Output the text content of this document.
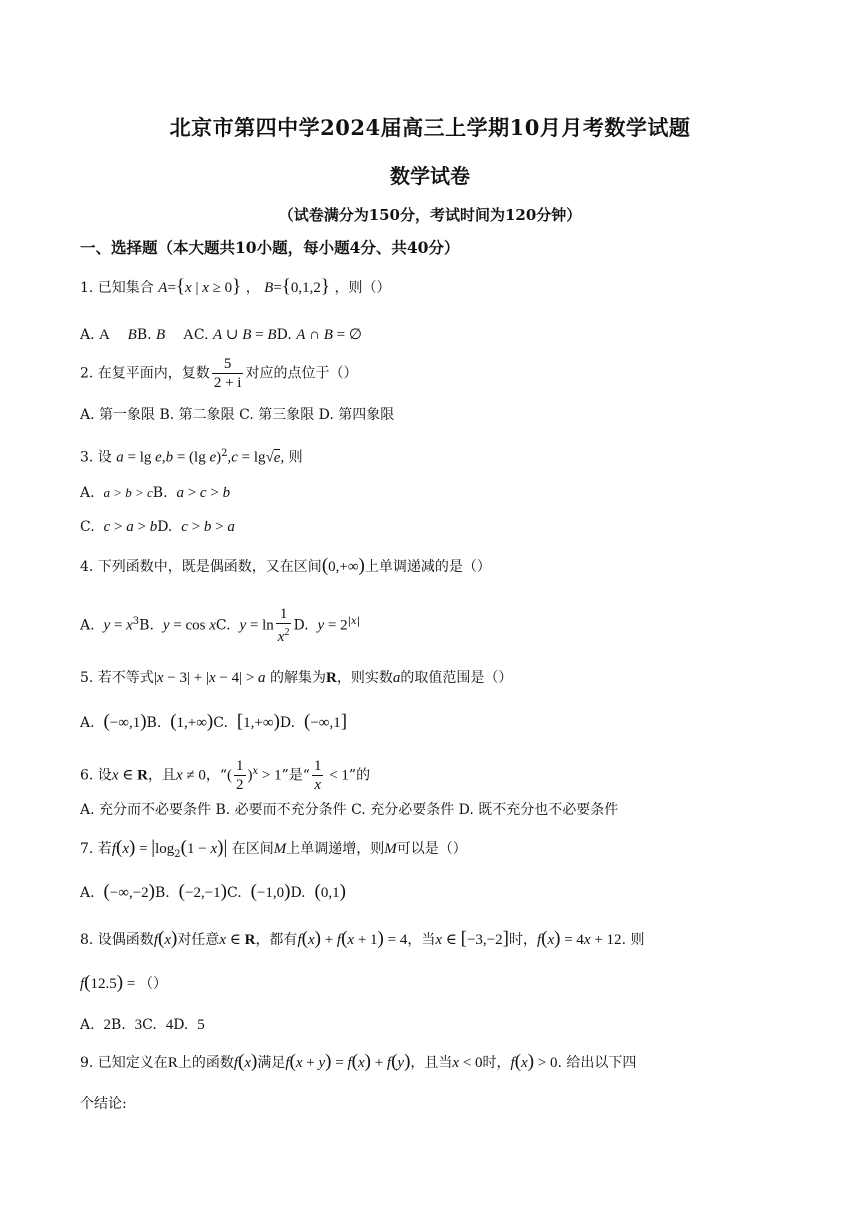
北京市第四中学2024届高三上学期10月月考数学试题
数学试卷
（试卷满分为150分，考试时间为120分钟）
一、选择题（本大题共10小题，每小题4分、共40分）
1. 已知集合 A={x | x ≥ 0} ， B={0,1,2} ，则（）
A. A BB. B AC. A ∪ B = BD. A ∩ B = ∅
2. 在复平面内，复数 $\frac{5}{2 + i}$ 对应的点位于（）
A. 第一象限 B. 第二象限 C. 第三象限 D. 第四象限
3. 设 a = lg e,b = (lg e)$^2$,c = lg√e, 则
A. a > b > cB. a > c > b
C. c > a > bD. c > b > a
4. 下列函数中，既是偶函数，又在区间(0,+∞)上单调递减的是（）
A. $y = x^3B$. y = cos xC. $y = \ln \frac{1}{x^2} D$. $y = 2^{|x|}$
5. 若不等式|x − 3| + |x − 4| > a 的解集为R，则实数a的取值范围是（）
A. (−∞,1)B. (1,+∞)C. [1,+∞)D. (−∞,1]
6. 设x ∈ R，且x ≠ 0，“( $\frac{1}{2} )^x > 1$”是“ $\frac{1}{x} < 1$”的
A. 充分而不必要条件 B. 必要而不充分条件 C. 充分必要条件 D. 既不充分也不必要条件
7. 若$f(x) = |\log_2(1 - x)|$ 在区间M上单调递增，则M可以是（）
A. (−∞,−2)B. (−2,−1)C. (−1,0)D. (0,1)
8. 设偶函数f(x)对任意x ∈ R，都有f(x) + f(x + 1) = 4，当x ∈ [−3,−2]时，f(x) = 4x + 12. 则
f(12.5) = （）
A. 2B. 3C. 4D. 5
9. 已知定义在R上的函数f(x)满足f(x + y) = f(x) + f(y)，且当x < 0时，f(x) > 0. 给出以下四
个结论:
